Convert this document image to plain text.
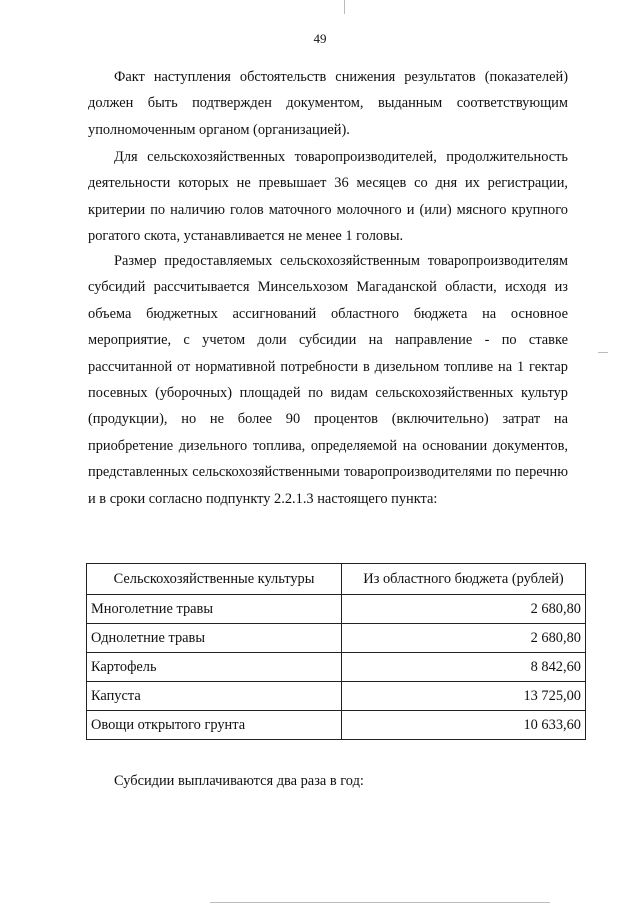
49

Факт наступления обстоятельств снижения результатов (показателей) должен быть подтвержден документом, выданным соответствующим уполномоченным органом (организацией).

Для сельскохозяйственных товаропроизводителей, продолжительность деятельности которых не превышает 36 месяцев со дня их регистрации, критерии по наличию голов маточного молочного и (или) мясного крупного рогатого скота, устанавливается не менее 1 головы.

Размер предоставляемых сельскохозяйственным товаропроизводителям субсидий рассчитывается Минсельхозом Магаданской области, исходя из объема бюджетных ассигнований областного бюджета на основное мероприятие, с учетом доли субсидии на направление - по ставке рассчитанной от нормативной потребности в дизельном топливе на 1 гектар посевных (уборочных) площадей по видам сельскохозяйственных культур (продукции), но не более 90 процентов (включительно) затрат на приобретение дизельного топлива, определяемой на основании документов, представленных сельскохозяйственными товаропроизводителями по перечню и в сроки согласно подпункту 2.2.1.3 настоящего пункта:

Сельскохозяйственные культуры	Из областного бюджета (рублей)
Многолетние травы	2 680,80
Однолетние травы	2 680,80
Картофель	8 842,60
Капуста	13 725,00
Овощи открытого грунта	10 633,60

Субсидии выплачиваются два раза в год:
